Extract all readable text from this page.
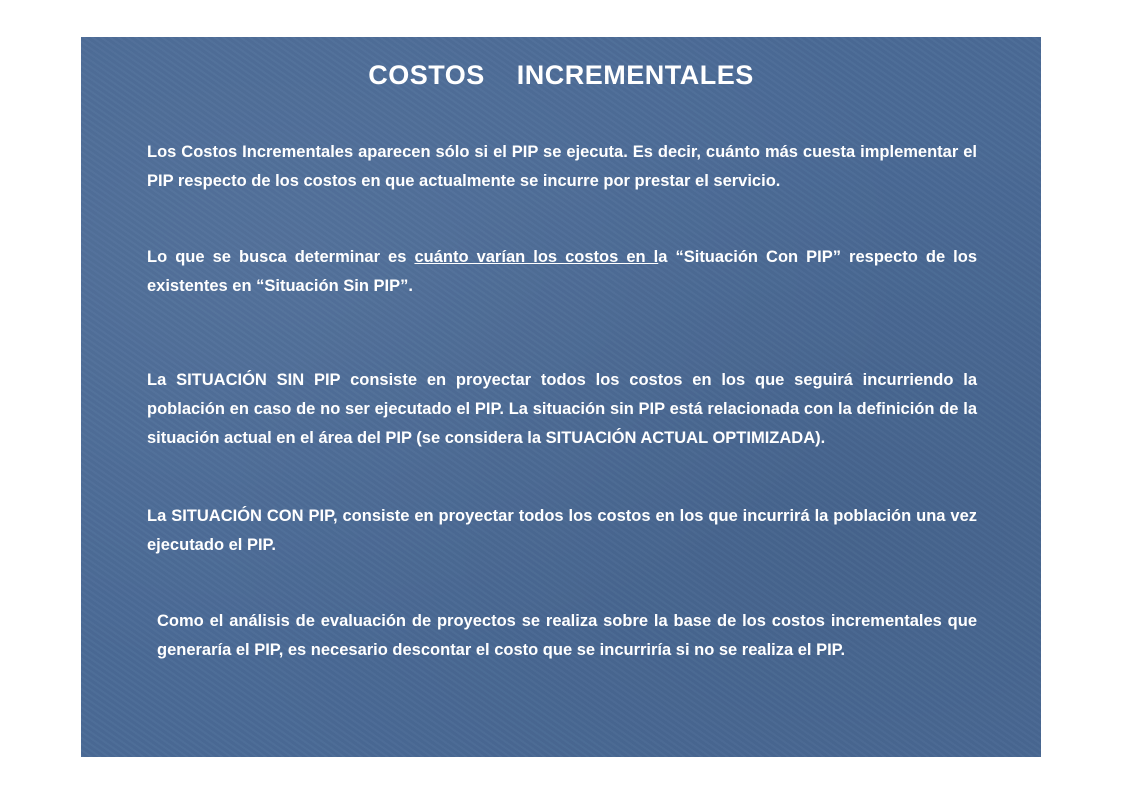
COSTOS    INCREMENTALES

Los Costos Incrementales aparecen sólo si el PIP se ejecuta. Es decir, cuánto más cuesta implementar el PIP respecto de los costos en que actualmente se incurre por prestar el servicio.

Lo que se busca determinar es cuánto varían los costos en la “Situación Con PIP” respecto de los existentes en “Situación Sin PIP”.

La SITUACIÓN SIN PIP consiste en proyectar todos los costos en los que seguirá incurriendo la población en caso de no ser ejecutado el PIP. La situación sin PIP está relacionada con la definición de la situación actual en el área del PIP (se considera la SITUACIÓN ACTUAL OPTIMIZADA).

La SITUACIÓN CON PIP, consiste en proyectar todos los costos en los que incurrirá la población una vez ejecutado el PIP.

Como el análisis de evaluación de proyectos se realiza sobre la base de los costos incrementales que generaría el PIP, es necesario descontar el costo que se incurriría si no se realiza el PIP.
